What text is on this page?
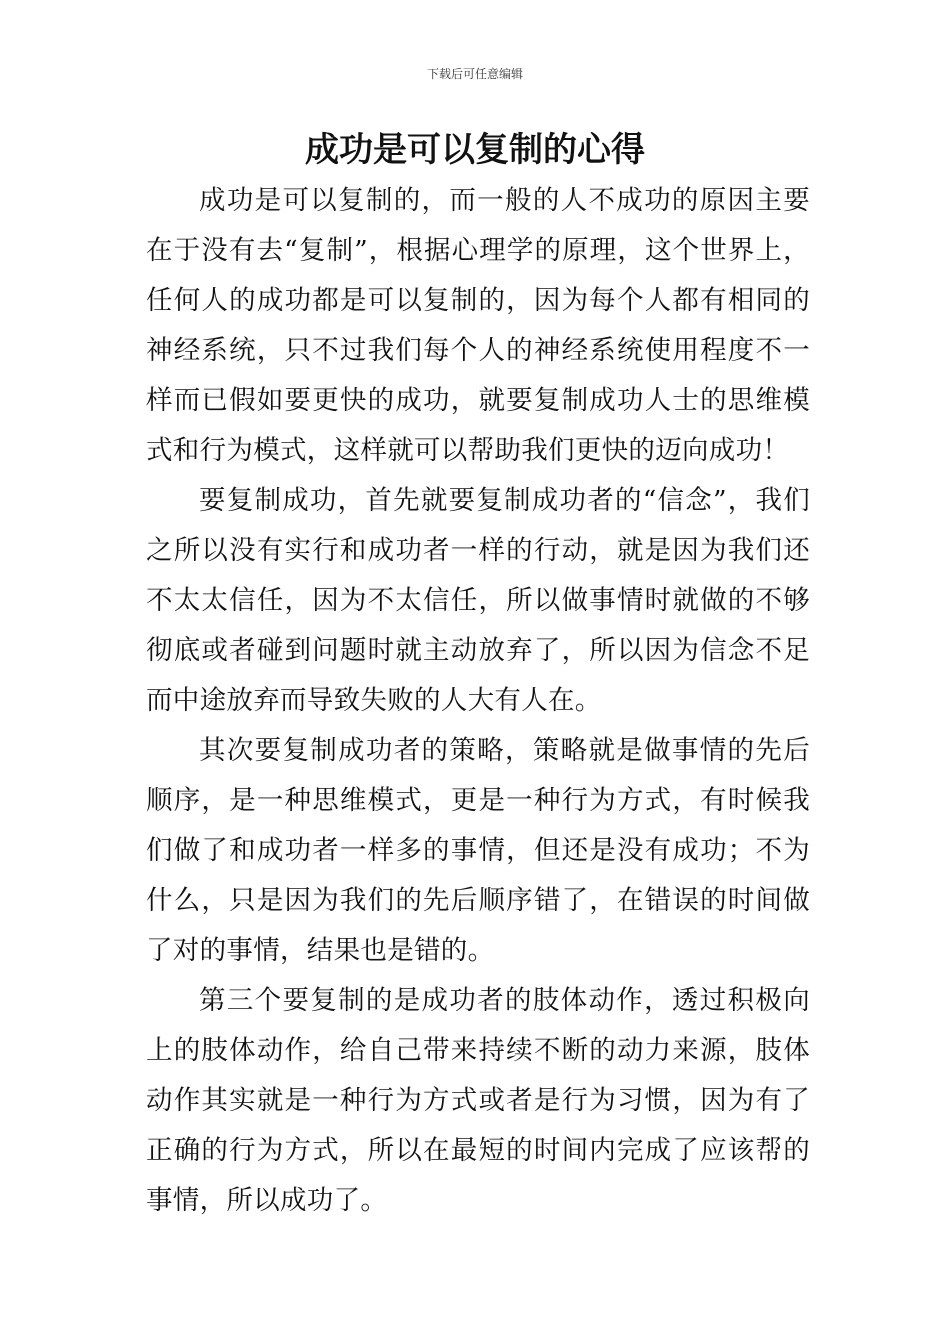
下载后可任意编辑
成功是可以复制的心得

成功是可以复制的，而一般的人不成功的原因主要在于没有去“复制”，根据心理学的原理，这个世界上，任何人的成功都是可以复制的，因为每个人都有相同的神经系统，只不过我们每个人的神经系统使用程度不一样而已假如要更快的成功，就要复制成功人士的思维模式和行为模式，这样就可以帮助我们更快的迈向成功！

要复制成功，首先就要复制成功者的“信念”，我们之所以没有实行和成功者一样的行动，就是因为我们还不太太信任，因为不太信任，所以做事情时就做的不够彻底或者碰到问题时就主动放弃了，所以因为信念不足而中途放弃而导致失败的人大有人在。

其次要复制成功者的策略，策略就是做事情的先后顺序，是一种思维模式，更是一种行为方式，有时候我们做了和成功者一样多的事情，但还是没有成功；不为什么，只是因为我们的先后顺序错了，在错误的时间做了对的事情，结果也是错的。

第三个要复制的是成功者的肢体动作，透过积极向上的肢体动作，给自己带来持续不断的动力来源，肢体动作其实就是一种行为方式或者是行为习惯，因为有了正确的行为方式，所以在最短的时间内完成了应该帮的事情，所以成功了。
